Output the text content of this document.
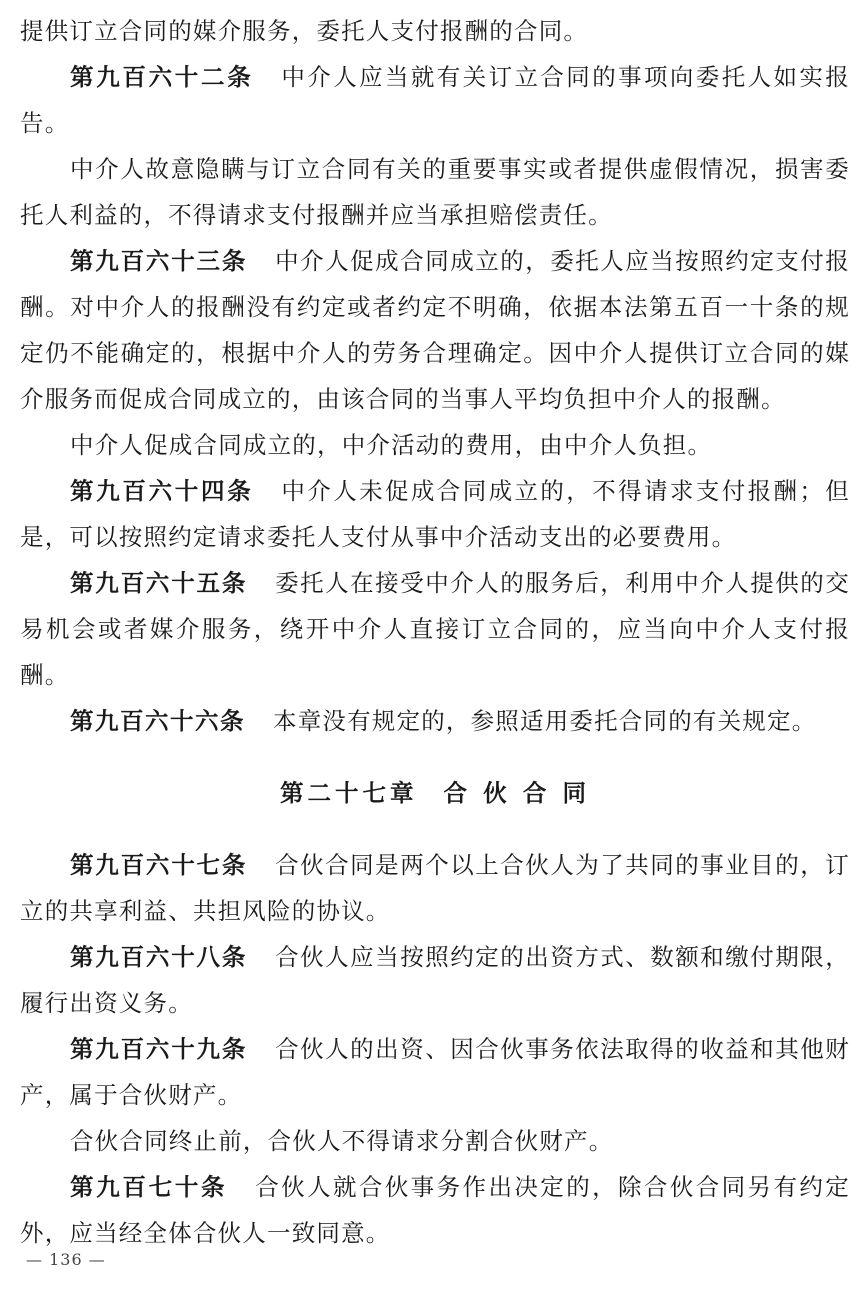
提供订立合同的媒介服务，委托人支付报酬的合同。

第九百六十二条 中介人应当就有关订立合同的事项向委托人如实报告。

中介人故意隐瞒与订立合同有关的重要事实或者提供虚假情况，损害委托人利益的，不得请求支付报酬并应当承担赔偿责任。

第九百六十三条 中介人促成合同成立的，委托人应当按照约定支付报酬。对中介人的报酬没有约定或者约定不明确，依据本法第五百一十条的规定仍不能确定的，根据中介人的劳务合理确定。因中介人提供订立合同的媒介服务而促成合同成立的，由该合同的当事人平均负担中介人的报酬。

中介人促成合同成立的，中介活动的费用，由中介人负担。

第九百六十四条 中介人未促成合同成立的，不得请求支付报酬；但是，可以按照约定请求委托人支付从事中介活动支出的必要费用。

第九百六十五条 委托人在接受中介人的服务后，利用中介人提供的交易机会或者媒介服务，绕开中介人直接订立合同的，应当向中介人支付报酬。

第九百六十六条 本章没有规定的，参照适用委托合同的有关规定。

第二十七章 合 伙 合 同

第九百六十七条 合伙合同是两个以上合伙人为了共同的事业目的，订立的共享利益、共担风险的协议。

第九百六十八条 合伙人应当按照约定的出资方式、数额和缴付期限，履行出资义务。

第九百六十九条 合伙人的出资、因合伙事务依法取得的收益和其他财产，属于合伙财产。

合伙合同终止前，合伙人不得请求分割合伙财产。

第九百七十条 合伙人就合伙事务作出决定的，除合伙合同另有约定外，应当经全体合伙人一致同意。

— 136 —
